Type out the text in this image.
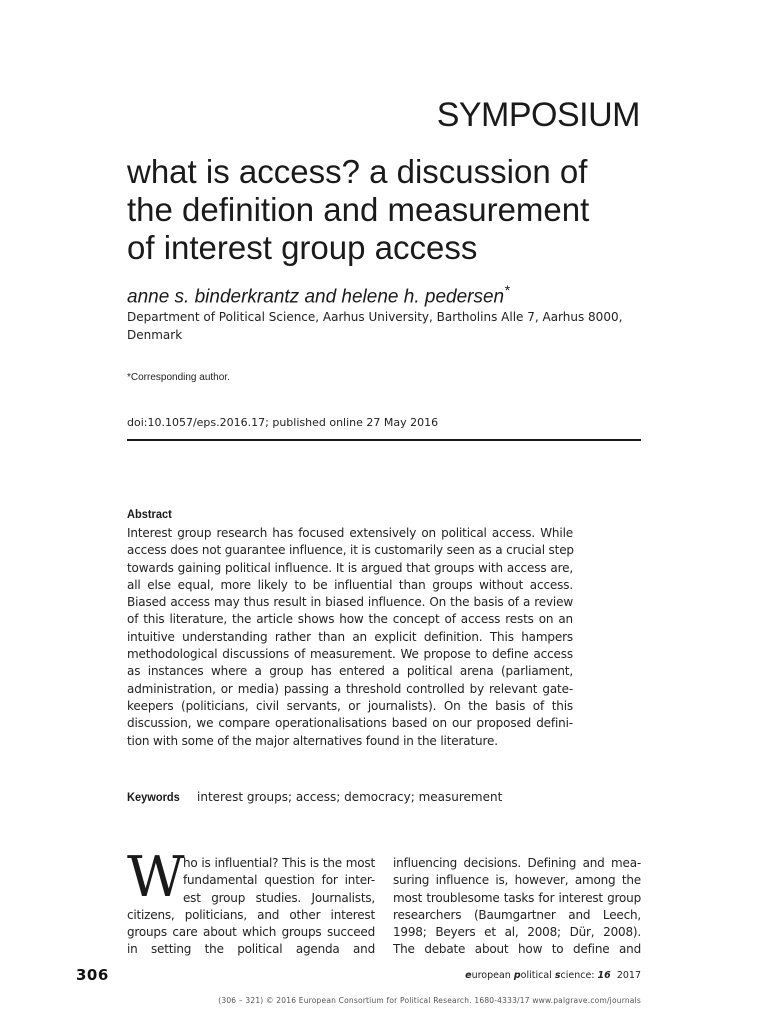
SYMPOSIUM
what is access? a discussion of
the definition and measurement
of interest group access
anne s. binderkrantz and helene h. pedersen*
Department of Political Science, Aarhus University, Bartholins Alle 7, Aarhus 8000,
Denmark
*Corresponding author.
doi:10.1057/eps.2016.17; published online 27 May 2016
Abstract
Interest group research has focused extensively on political access. While
access does not guarantee influence, it is customarily seen as a crucial step
towards gaining political influence. It is argued that groups with access are,
all else equal, more likely to be influential than groups without access.
Biased access may thus result in biased influence. On the basis of a review
of this literature, the article shows how the concept of access rests on an
intuitive understanding rather than an explicit definition. This hampers
methodological discussions of measurement. We propose to define access
as instances where a group has entered a political arena (parliament,
administration, or media) passing a threshold controlled by relevant gate-
keepers (politicians, civil servants, or journalists). On the basis of this
discussion, we compare operationalisations based on our proposed defini-
tion with some of the major alternatives found in the literature.
Keywords interest groups; access; democracy; measurement
W
ho is influential? This is the most
fundamental question for inter-
est group studies. Journalists,
citizens, politicians, and other interest
groups care about which groups succeed
in setting the political agenda and
influencing decisions. Defining and mea-
suring influence is, however, among the
most troublesome tasks for interest group
researchers (Baumgartner and Leech,
1998; Beyers et al, 2008; Dür, 2008).
The debate about how to define and
306	european political science: 16 2017
(306 – 321) © 2016 European Consortium for Political Research. 1680-4333/17 www.palgrave.com/journals
